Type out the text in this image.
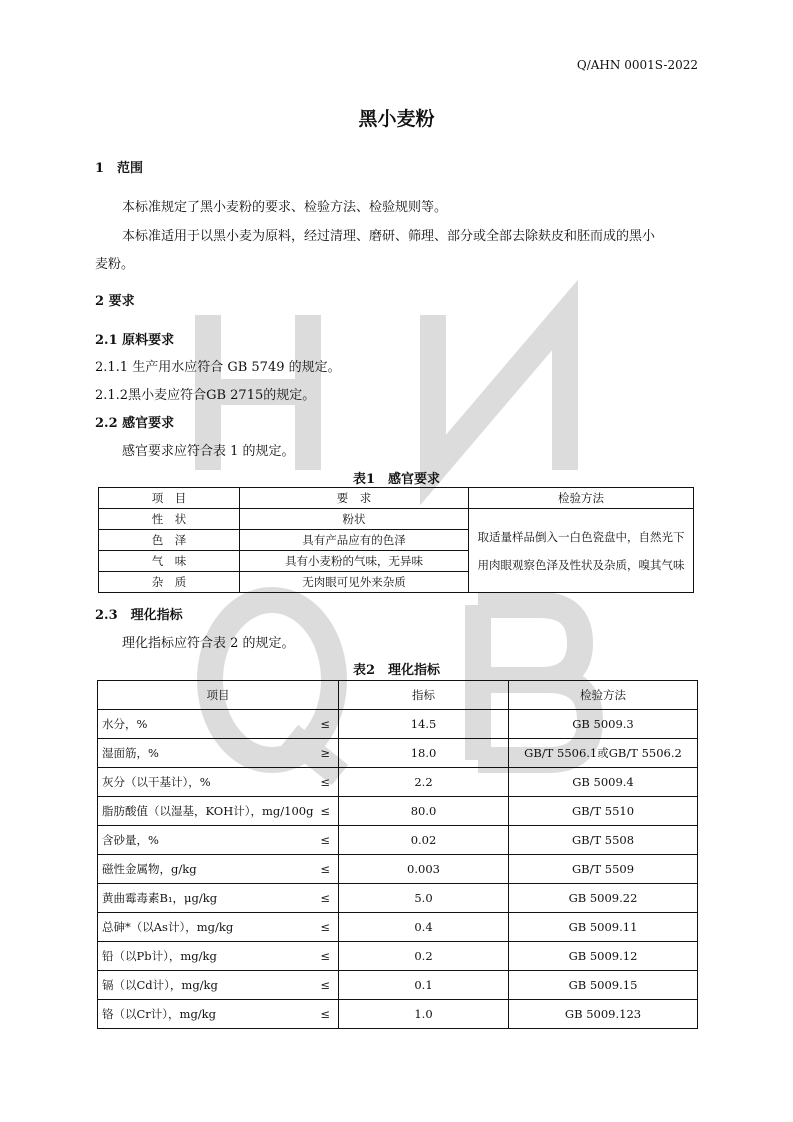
Q/AHN 0001S-2022
黑小麦粉
1　范围
本标准规定了黑小麦粉的要求、检验方法、检验规则等。
本标准适用于以黑小麦为原料，经过清理、磨研、筛理、部分或全部去除麸皮和胚而成的黑小
麦粉。
2 要求
2.1 原料要求
2.1.1 生产用水应符合 GB 5749 的规定。
2.1.2黑小麦应符合GB 2715的规定。
2.2 感官要求
感官要求应符合表 1 的规定。
表1　感官要求
项　目	要　求	检验方法
性　状	粉状	取适量样品倒入一白色瓷盘中，自然光下
用肉眼观察色泽及性状及杂质，嗅其气味

色　泽	具有产品应有的色泽	
气　味	具有小麦粉的气味，无异味	
杂　质	无肉眼可见外来杂质	
2.3　理化指标
理化指标应符合表 2 的规定。
表2　理化指标
项目		指标	检验方法
水分，%	≤	14.5	GB 5009.3
湿面筋，%	≥	18.0	GB/T 5506.1或GB/T 5506.2
灰分（以干基计），%	≤	2.2	GB 5009.4
脂肪酸值（以湿基，KOH计），mg/100g	≤	80.0	GB/T 5510
含砂量，%	≤	0.02	GB/T 5508
磁性金属物，g/kg	≤	0.003	GB/T 5509
黄曲霉毒素B₁，μg/kg	≤	5.0	GB 5009.22
总砷*（以As计），mg/kg	≤	0.4	GB 5009.11
铅（以Pb计），mg/kg	≤	0.2	GB 5009.12
镉（以Cd计），mg/kg	≤	0.1	GB 5009.15
铬（以Cr计），mg/kg	≤	1.0	GB 5009.123
